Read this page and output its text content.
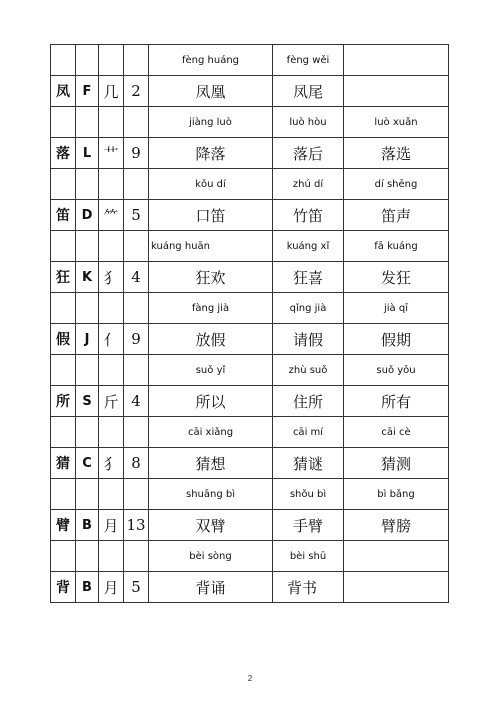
				fèng huáng	fèng wěi	
凤	F	几	2	凤凰	凤尾	
				jiàng luò	luò hòu	luò xuǎn
落	L	艹	9	降落	落后	落选
				kǒu dí	zhú dí	dí shēng
笛	D	⺮	5	口笛	竹笛	笛声
				kuáng huān	kuáng xǐ	fā kuáng
狂	K	犭	4	狂欢	狂喜	发狂
				fàng jià	qǐng jià	jià qī
假	J	亻	9	放假	请假	假期
				suǒ yǐ	zhù suǒ	suǒ yǒu
所	S	斤	4	所以	住所	所有
				cāi xiǎng	cāi mí	cāi cè
猜	C	犭	8	猜想	猜谜	猜测
				shuāng bì	shǒu bì	bì bǎng
臂	B	月	13	双臂	手臂	臂膀
				bèi sòng	bèi shū	
背	B	月	5	背诵	背书	
2
